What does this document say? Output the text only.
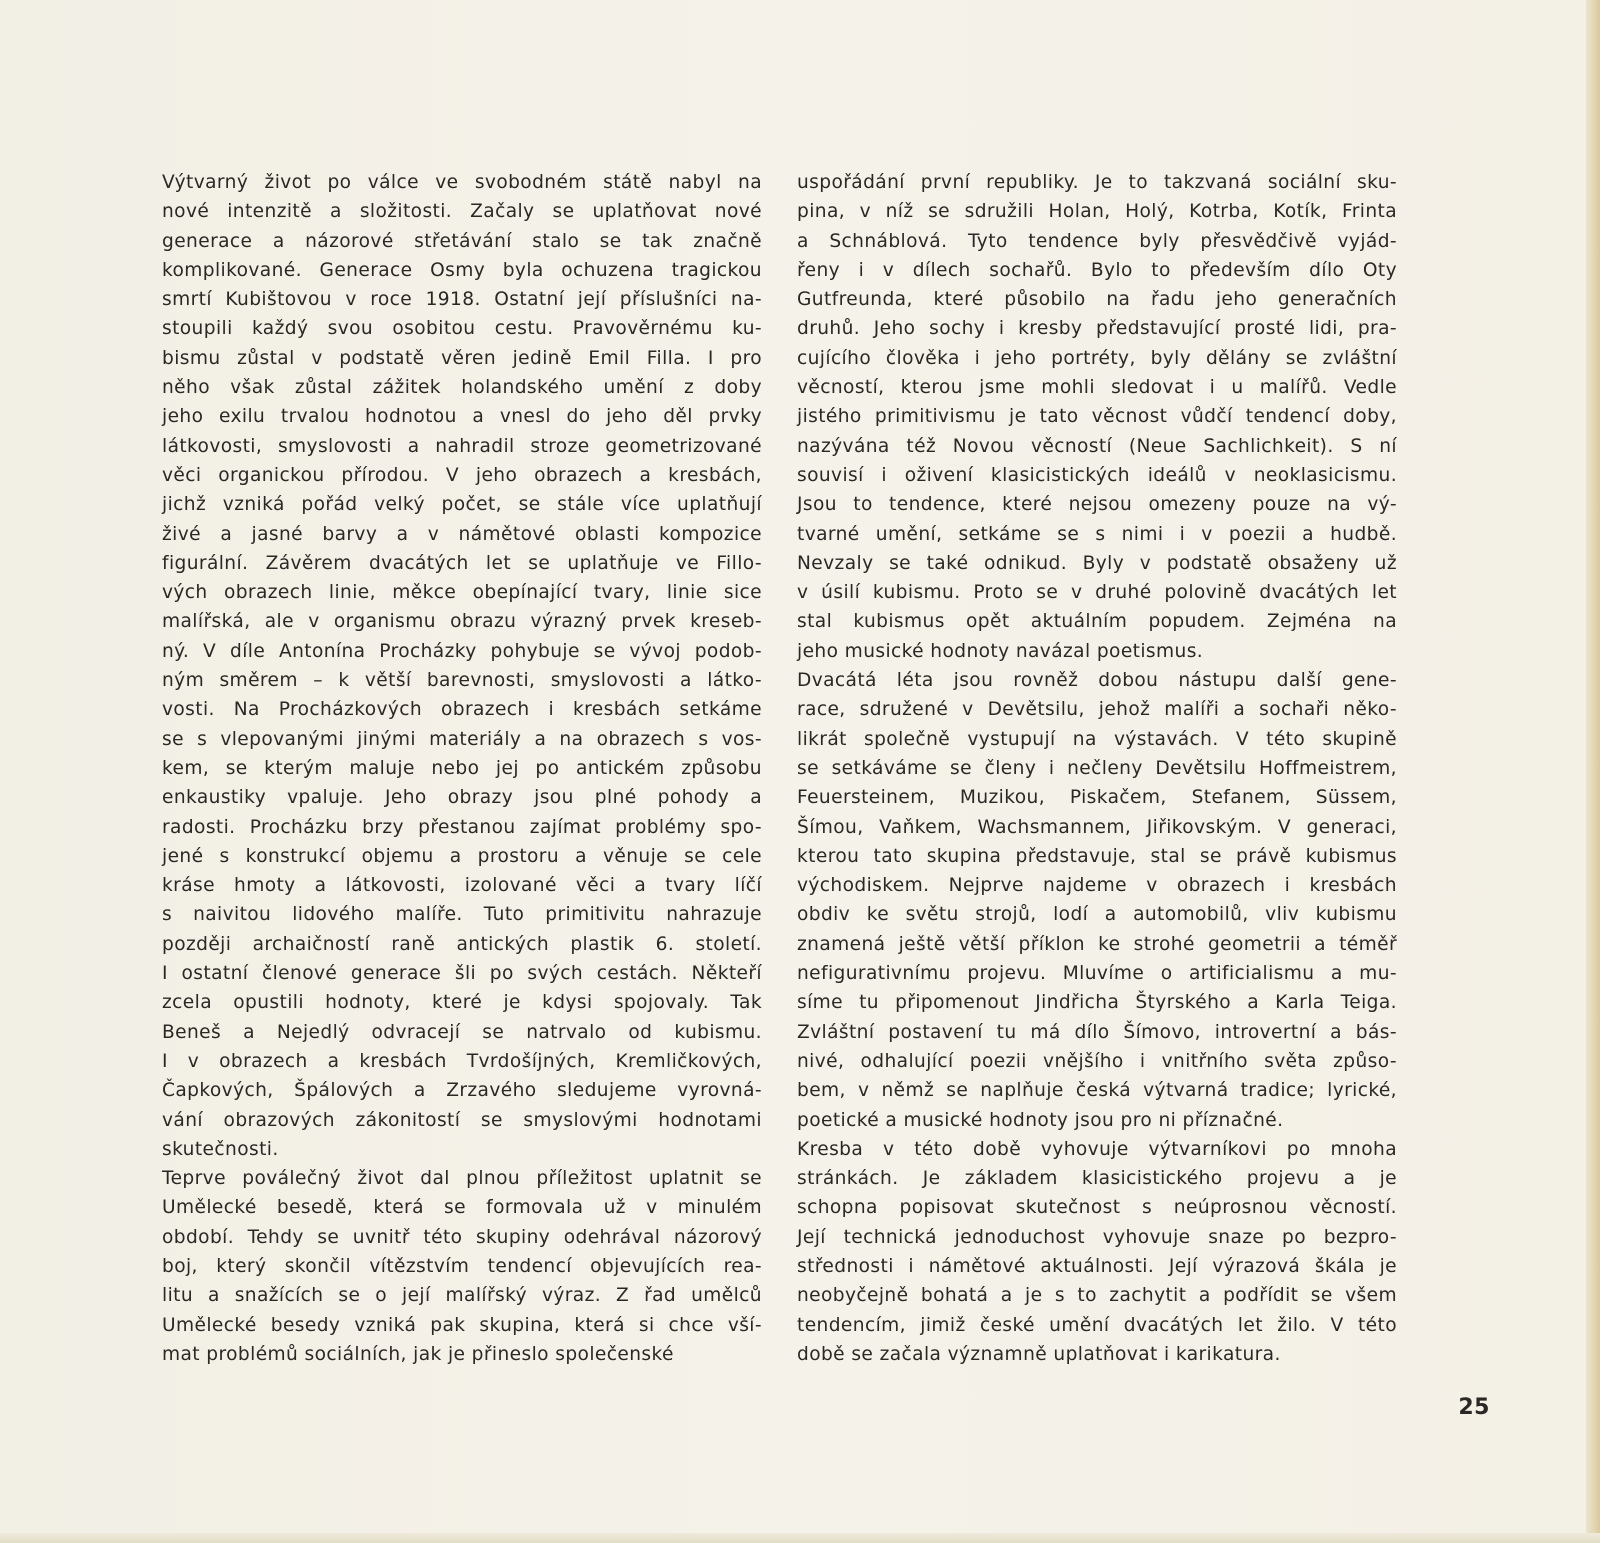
Výtvarný život po válce ve svobodném státě nabyl na
nové intenzitě a složitosti. Začaly se uplatňovat nové
generace a názorové střetávání stalo se tak značně
komplikované. Generace Osmy byla ochuzena tragickou
smrtí Kubištovou v roce 1918. Ostatní její příslušníci na-
stoupili každý svou osobitou cestu. Pravověrnému ku-
bismu zůstal v podstatě věren jedině Emil Filla. I pro
něho však zůstal zážitek holandského umění z doby
jeho exilu trvalou hodnotou a vnesl do jeho děl prvky
látkovosti, smyslovosti a nahradil stroze geometrizované
věci organickou přírodou. V jeho obrazech a kresbách,
jichž vzniká pořád velký počet, se stále více uplatňují
živé a jasné barvy a v námětové oblasti kompozice
figurální. Závěrem dvacátých let se uplatňuje ve Fillo-
vých obrazech linie, měkce obepínající tvary, linie sice
malířská, ale v organismu obrazu výrazný prvek kreseb-
ný. V díle Antonína Procházky pohybuje se vývoj podob-
ným směrem – k větší barevnosti, smyslovosti a látko-
vosti. Na Procházkových obrazech i kresbách setkáme
se s vlepovanými jinými materiály a na obrazech s vos-
kem, se kterým maluje nebo jej po antickém způsobu
enkaustiky vpaluje. Jeho obrazy jsou plné pohody a
radosti. Procházku brzy přestanou zajímat problémy spo-
jené s konstrukcí objemu a prostoru a věnuje se cele
kráse hmoty a látkovosti, izolované věci a tvary líčí
s naivitou lidového malíře. Tuto primitivitu nahrazuje
později archaičností raně antických plastik 6. století.
I ostatní členové generace šli po svých cestách. Někteří
zcela opustili hodnoty, které je kdysi spojovaly. Tak
Beneš a Nejedlý odvracejí se natrvalo od kubismu.
I v obrazech a kresbách Tvrdošíjných, Kremličkových,
Čapkových, Špálových a Zrzavého sledujeme vyrovná-
vání obrazových zákonitostí se smyslovými hodnotami
skutečnosti.
Teprve poválečný život dal plnou příležitost uplatnit se
Umělecké besedě, která se formovala už v minulém
období. Tehdy se uvnitř této skupiny odehrával názorový
boj, který skončil vítězstvím tendencí objevujících rea-
litu a snažících se o její malířský výraz. Z řad umělců
Umělecké besedy vzniká pak skupina, která si chce vší-
mat problémů sociálních, jak je přineslo společenské
uspořádání první republiky. Je to takzvaná sociální sku-
pina, v níž se sdružili Holan, Holý, Kotrba, Kotík, Frinta
a Schnáblová. Tyto tendence byly přesvědčivě vyjád-
řeny i v dílech sochařů. Bylo to především dílo Oty
Gutfreunda, které působilo na řadu jeho generačních
druhů. Jeho sochy i kresby představující prosté lidi, pra-
cujícího člověka i jeho portréty, byly dělány se zvláštní
věcností, kterou jsme mohli sledovat i u malířů. Vedle
jistého primitivismu je tato věcnost vůdčí tendencí doby,
nazývána též Novou věcností (Neue Sachlichkeit). S ní
souvisí i oživení klasicistických ideálů v neoklasicismu.
Jsou to tendence, které nejsou omezeny pouze na vý-
tvarné umění, setkáme se s nimi i v poezii a hudbě.
Nevzaly se také odnikud. Byly v podstatě obsaženy už
v úsilí kubismu. Proto se v druhé polovině dvacátých let
stal kubismus opět aktuálním popudem. Zejména na
jeho musické hodnoty navázal poetismus.
Dvacátá léta jsou rovněž dobou nástupu další gene-
race, sdružené v Devětsilu, jehož malíři a sochaři něko-
likrát společně vystupují na výstavách. V této skupině
se setkáváme se členy i nečleny Devětsilu Hoffmeistrem,
Feuersteinem, Muzikou, Piskačem, Stefanem, Süssem,
Šímou, Vaňkem, Wachsmannem, Jiřikovským. V generaci,
kterou tato skupina představuje, stal se právě kubismus
východiskem. Nejprve najdeme v obrazech i kresbách
obdiv ke světu strojů, lodí a automobilů, vliv kubismu
znamená ještě větší příklon ke strohé geometrii a téměř
nefigurativnímu projevu. Mluvíme o artificialismu a mu-
síme tu připomenout Jindřicha Štyrského a Karla Teiga.
Zvláštní postavení tu má dílo Šímovo, introvertní a bás-
nivé, odhalující poezii vnějšího i vnitřního světa způso-
bem, v němž se naplňuje česká výtvarná tradice; lyrické,
poetické a musické hodnoty jsou pro ni příznačné.
Kresba v této době vyhovuje výtvarníkovi po mnoha
stránkách. Je základem klasicistického projevu a je
schopna popisovat skutečnost s neúprosnou věcností.
Její technická jednoduchost vyhovuje snaze po bezpro-
střednosti i námětové aktuálnosti. Její výrazová škála je
neobyčejně bohatá a je s to zachytit a podřídit se všem
tendencím, jimiž české umění dvacátých let žilo. V této
době se začala významně uplatňovat i karikatura.
25
